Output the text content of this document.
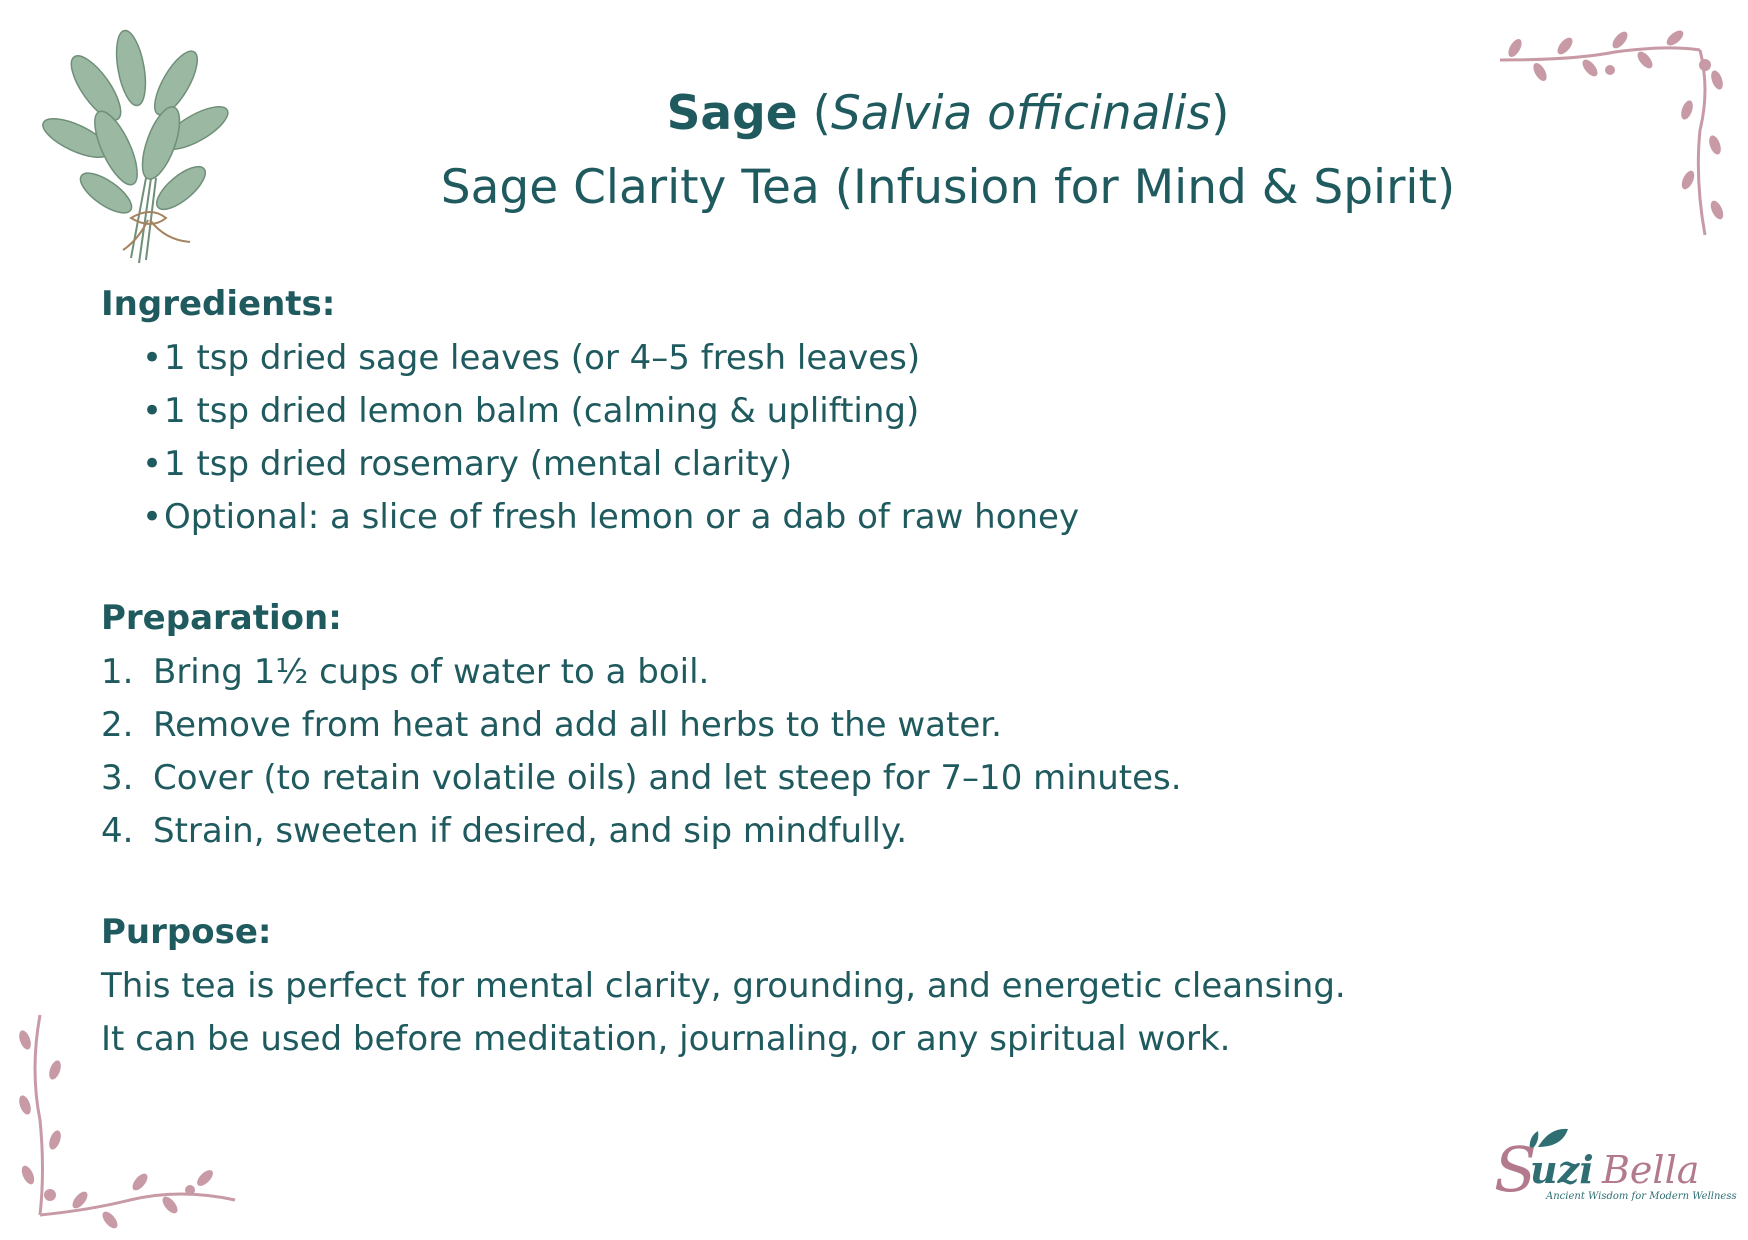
Sage (Salvia officinalis)
Sage Clarity Tea (Infusion for Mind & Spirit)
Ingredients:
• 1 tsp dried sage leaves (or 4–5 fresh leaves)
• 1 tsp dried lemon balm (calming & uplifting)
• 1 tsp dried rosemary (mental clarity)
• Optional: a slice of fresh lemon or a dab of raw honey
Preparation:
1. Bring 1½ cups of water to a boil.
2. Remove from heat and add all herbs to the water.
3. Cover (to retain volatile oils) and let steep for 7–10 minutes.
4. Strain, sweeten if desired, and sip mindfully.
Purpose:

This tea is perfect for mental clarity, grounding, and energetic cleansing.
It can be used before meditation, journaling, or any spiritual work.

S
uzi Bella
Ancient Wisdom for Modern Wellness
